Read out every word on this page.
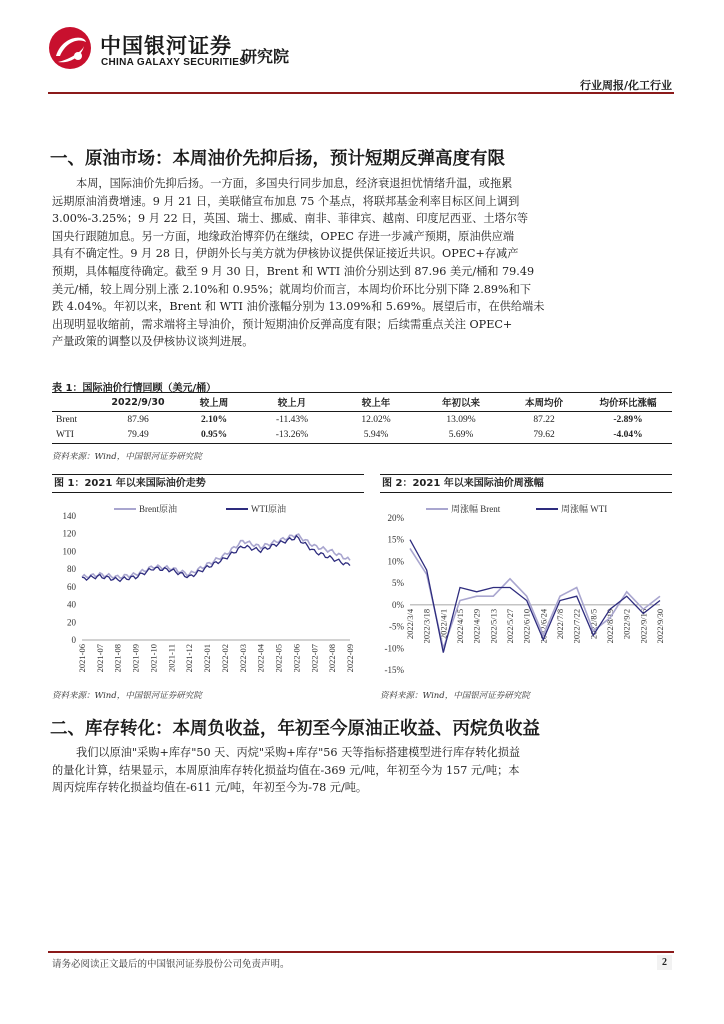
中国银河证券
CHINA GALAXY SECURITIES
研究院
行业周报/化工行业
一、原油市场：本周油价先抑后扬，预计短期反弹高度有限
本周，国际油价先抑后扬。一方面，多国央行同步加息，经济衰退担忧情绪升温，或拖累
远期原油消费增速。9 月 21 日，美联储宣布加息 75 个基点，将联邦基金利率目标区间上调到
3.00%-3.25%；9 月 22 日，英国、瑞士、挪威、南非、菲律宾、越南、印度尼西亚、土塔尔等
国央行跟随加息。另一方面，地缘政治博弈仍在继续，OPEC 存进一步减产预期，原油供应端
具有不确定性。9 月 28 日，伊朗外长与美方就为伊核协议提供保证接近共识。OPEC+存减产
预期，具体幅度待确定。截至 9 月 30 日，Brent 和 WTI 油价分别达到 87.96 美元/桶和 79.49
美元/桶，较上周分别上涨 2.10%和 0.95%；就周均价而言，本周均价环比分别下降 2.89%和下
跌 4.04%。年初以来，Brent 和 WTI 油价涨幅分别为 13.09%和 5.69%。展望后市，在供给端未
出现明显收缩前，需求端将主导油价，预计短期油价反弹高度有限；后续需重点关注 OPEC+
产量政策的调整以及伊核协议谈判进展。
表 1：国际油价行情回顾（美元/桶）
	2022/9/30	较上周	较上月	较上年	年初以来	本周均价	均价环比涨幅
Brent	87.96	2.10%	-11.43%	12.02%	13.09%	87.22	-2.89%
WTI	79.49	0.95%	-13.26%	5.94%	5.69%	79.62	-4.04%
资料来源：Wind，中国银河证券研究院
图 1：2021 年以来国际油价走势
0
20
40
60
80
100
120
140
2021-06 2021-07 2021-08 2021-09 2021-10 2021-11 2021-12 2022-01 2022-02 2022-03 2022-04 2022-05 2022-06 2022-07 2022-08 2022-09
Brent原油	WTI原油
资料来源：Wind，中国银河证券研究院
图 2：2021 年以来国际油价周涨幅
-15%
-10%
-5%
0%
5%
10%
15%
20%
2022/3/4 2022/3/18 2022/4/1 2022/4/15 2022/4/29 2022/5/13 2022/5/27 2022/6/10 2022/6/24 2022/7/8 2022/7/22 2022/8/5 2022/8/19 2022/9/2 2022/9/16 2022/9/30
周涨幅 Brent	周涨幅 WTI
资料来源：Wind，中国银河证券研究院
二、库存转化：本周负收益，年初至今原油正收益、丙烷负收益
我们以原油"采购+库存"50 天、丙烷"采购+库存"56 天等指标搭建模型进行库存转化损益
的量化计算，结果显示，本周原油库存转化损益均值在-369 元/吨，年初至今为 157 元/吨；本
周丙烷库存转化损益均值在-611 元/吨，年初至今为-78 元/吨。
请务必阅读正文最后的中国银河证券股份公司免责声明。	2
